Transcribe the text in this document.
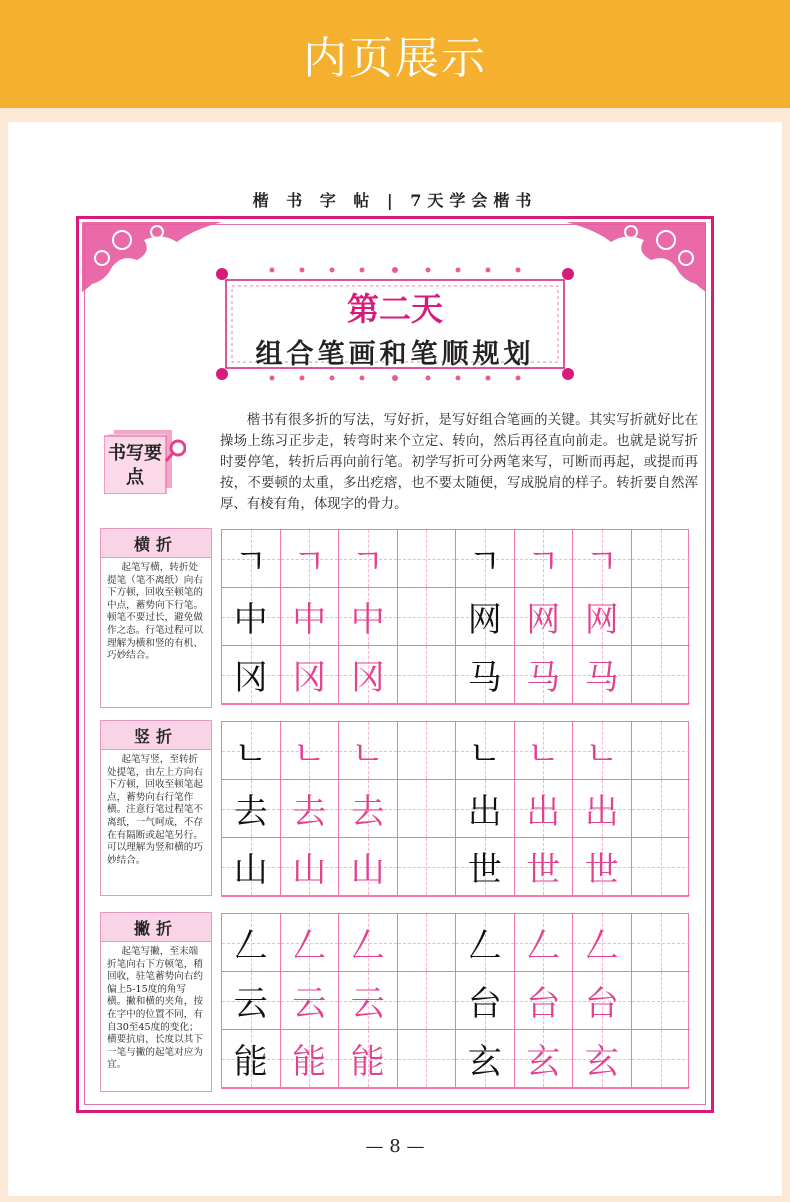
内页展示
楷 书 字 帖 | 7天学会楷书
第二天
组合笔画和笔顺规划
书写要点
楷书有很多折的写法，写好折，是写好组合笔画的关键。其实写折就好比在操场上练习正步走，转弯时来个立定、转向，然后再径直向前走。也就是说写折时要停笔，转折后再向前行笔。初学写折可分两笔来写，可断而再起，或提而再按，不要顿的太重，多出疙瘩，也不要太随便，写成脱肩的样子。转折要自然浑厚、有棱有角，体现字的骨力。
横折
起笔写横，转折处提笔（笔不离纸）向右下方顿，回收至顿笔的中点，蓄势向下行笔。顿笔不要过长，避免做作之态。行笔过程可以理解为横和竖的有机、巧妙结合。
ㄱ ㄱ ㄱ ㄱ ㄱ ㄱ
中 中 中 网 网 网
冈 冈 冈 马 马 马
竖折
起笔写竖，至转折处提笔，由左上方向右下方顿，回收至顿笔起点，蓄势向右行笔作横。注意行笔过程笔不离纸，一气呵成，不存在有隔断或起笔另行。可以理解为竖和横的巧妙结合。
ㄴ ㄴ ㄴ ㄴ ㄴ ㄴ
去 去 去 出 出 出
山 山 山 世 世 世
撇折
起笔写撇，至末端折笔向右下方顿笔，稍回收，驻笔蓄势向右约偏上5-15度的角写横。撇和横的夹角，按在字中的位置不同，有自30至45度的变化；横要抗肩，长度以其下一笔与撇的起笔对应为宜。
𠃋 𠃋 𠃋 𠃋 𠃋 𠃋
云 云 云 台 台 台
能 能 能 玄 玄 玄
— 8 —
